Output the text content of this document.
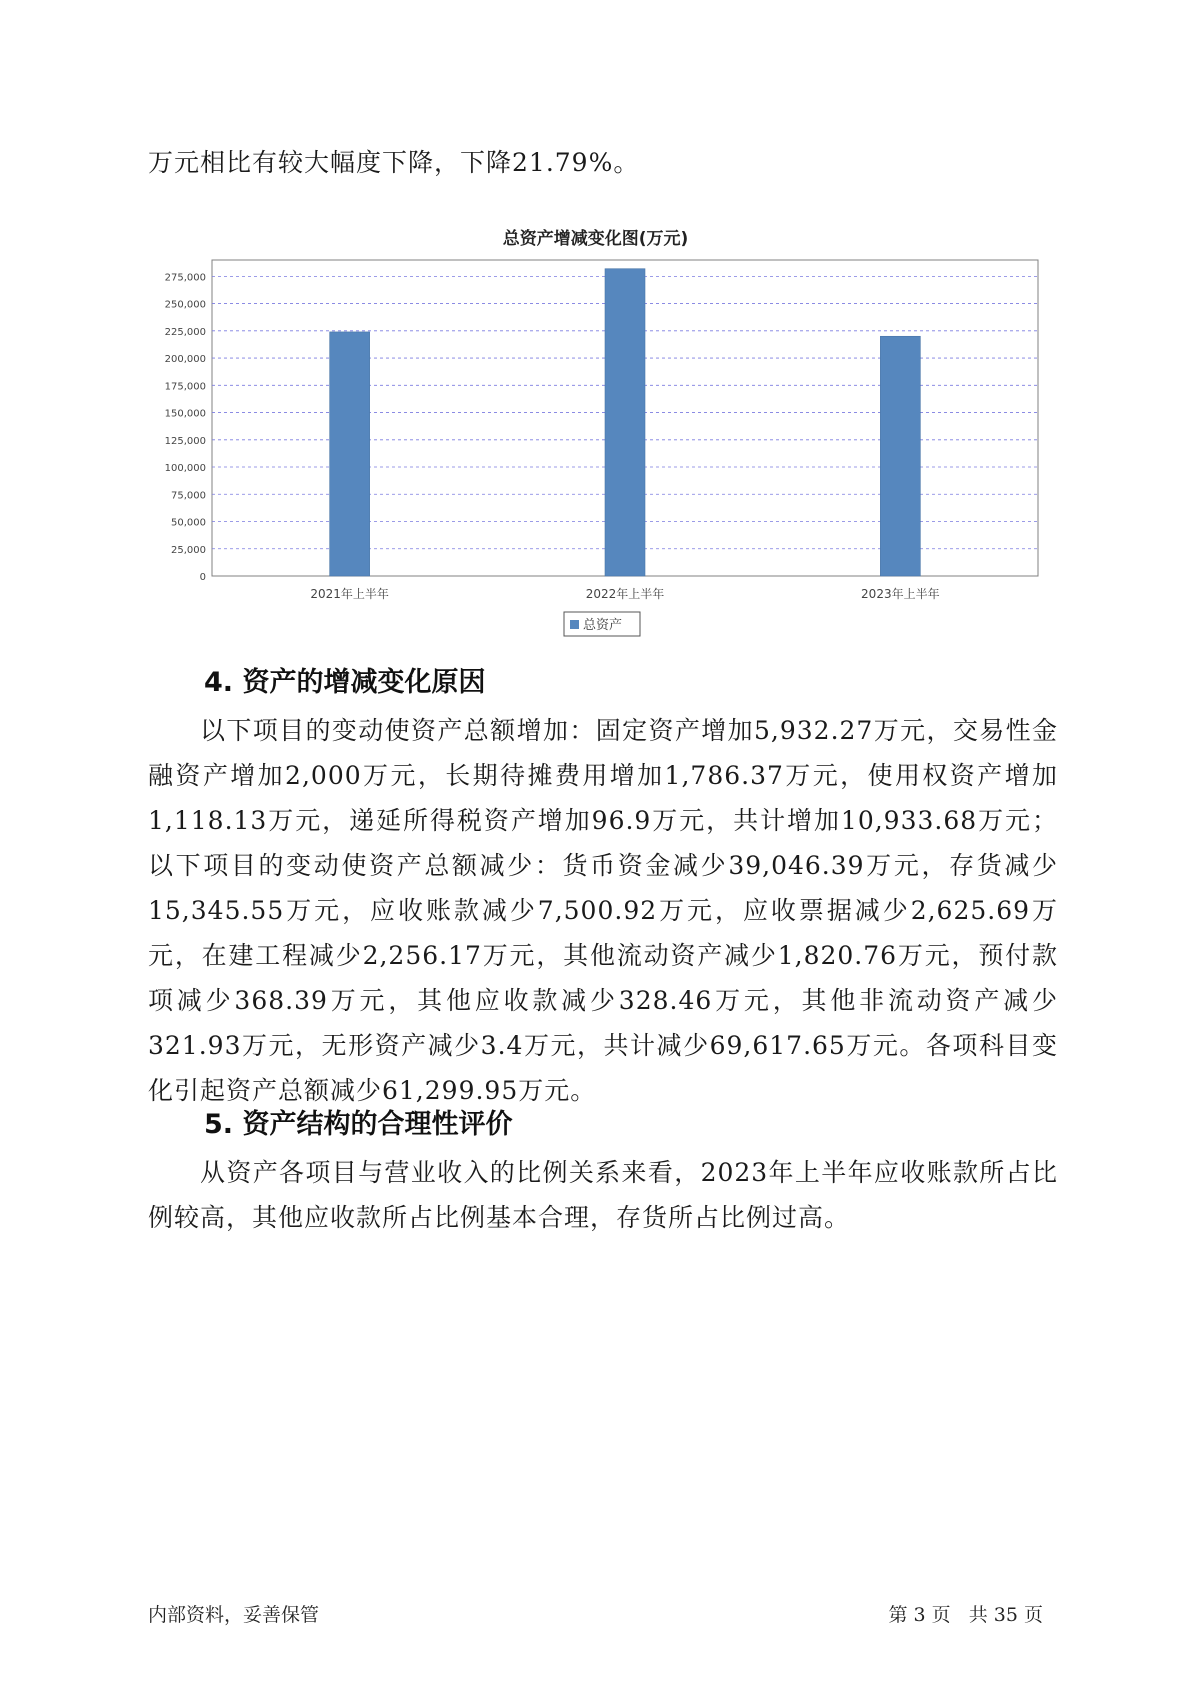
万元相比有较大幅度下降，下降21.79%。
总资产增减变化图(万元)
0
25,000
50,000
75,000
100,000
125,000
150,000
175,000
200,000
225,000
250,000
275,000
2021年上半年	2022年上半年	2023年上半年
总资产
4. 资产的增减变化原因
以下项目的变动使资产总额增加：固定资产增加5,932.27万元，交易性金融资产增加2,000万元，长期待摊费用增加1,786.37万元，使用权资产增加1,118.13万元，递延所得税资产增加96.9万元，共计增加10,933.68万元；以下项目的变动使资产总额减少：货币资金减少39,046.39万元，存货减少15,345.55万元，应收账款减少7,500.92万元，应收票据减少2,625.69万元，在建工程减少2,256.17万元，其他流动资产减少1,820.76万元，预付款项减少368.39万元，其他应收款减少328.46万元，其他非流动资产减少321.93万元，无形资产减少3.4万元，共计减少69,617.65万元。各项科目变化引起资产总额减少61,299.95万元。
5. 资产结构的合理性评价
从资产各项目与营业收入的比例关系来看，2023年上半年应收账款所占比例较高，其他应收款所占比例基本合理，存货所占比例过高。
内部资料，妥善保管	第 3 页   共 35 页
